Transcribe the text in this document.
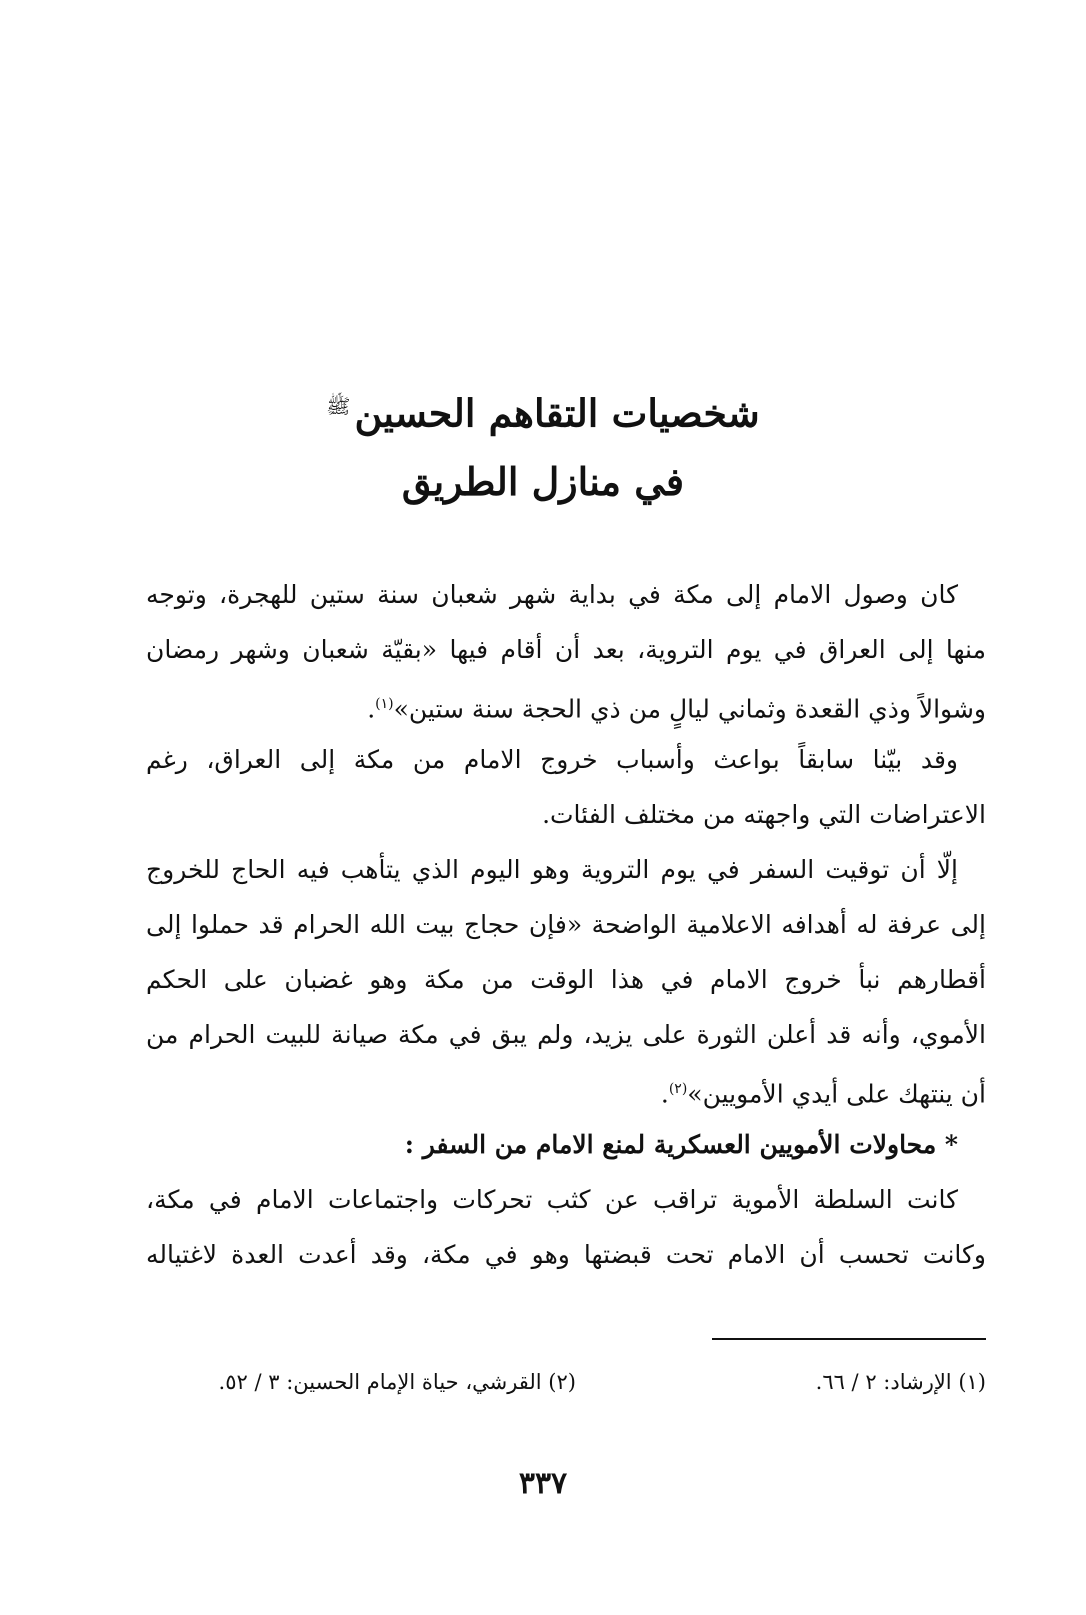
شخصيات التقاهم الحسين$^ﷺ$
في منازل الطريق
كان وصول الامام إلى مكة في بداية شهر شعبان سنة ستين للهجرة، وتوجه
منها إلى العراق في يوم التروية، بعد أن أقام فيها «بقيّة شعبان وشهر رمضان
وشوالاً وذي القعدة وثماني ليالٍ من ذي الحجة سنة ستين»$^{(١)}$.
وقد بيّنا سابقاً بواعث وأسباب خروج الامام من مكة إلى العراق، رغم
الاعتراضات التي واجهته من مختلف الفئات.
إلّا أن توقيت السفر في يوم التروية وهو اليوم الذي يتأهب فيه الحاج للخروج
إلى عرفة له أهدافه الاعلامية الواضحة «فإن حجاج بيت الله الحرام قد حملوا إلى
أقطارهم نبأ خروج الامام في هذا الوقت من مكة وهو غضبان على الحكم
الأموي، وأنه قد أعلن الثورة على يزيد، ولم يبق في مكة صيانة للبيت الحرام من
أن ينتهك على أيدي الأمويين»$^{(٢)}$.
* محاولات الأمويين العسكرية لمنع الامام من السفر :
كانت السلطة الأموية تراقب عن كثب تحركات واجتماعات الامام في مكة،
وكانت تحسب أن الامام تحت قبضتها وهو في مكة، وقد أعدت العدة لاغتياله
(١) الإرشاد: ٢ / ٦٦.(٢) القرشي، حياة الإمام الحسين: ٣ / ٥٢.
٣٣٧
